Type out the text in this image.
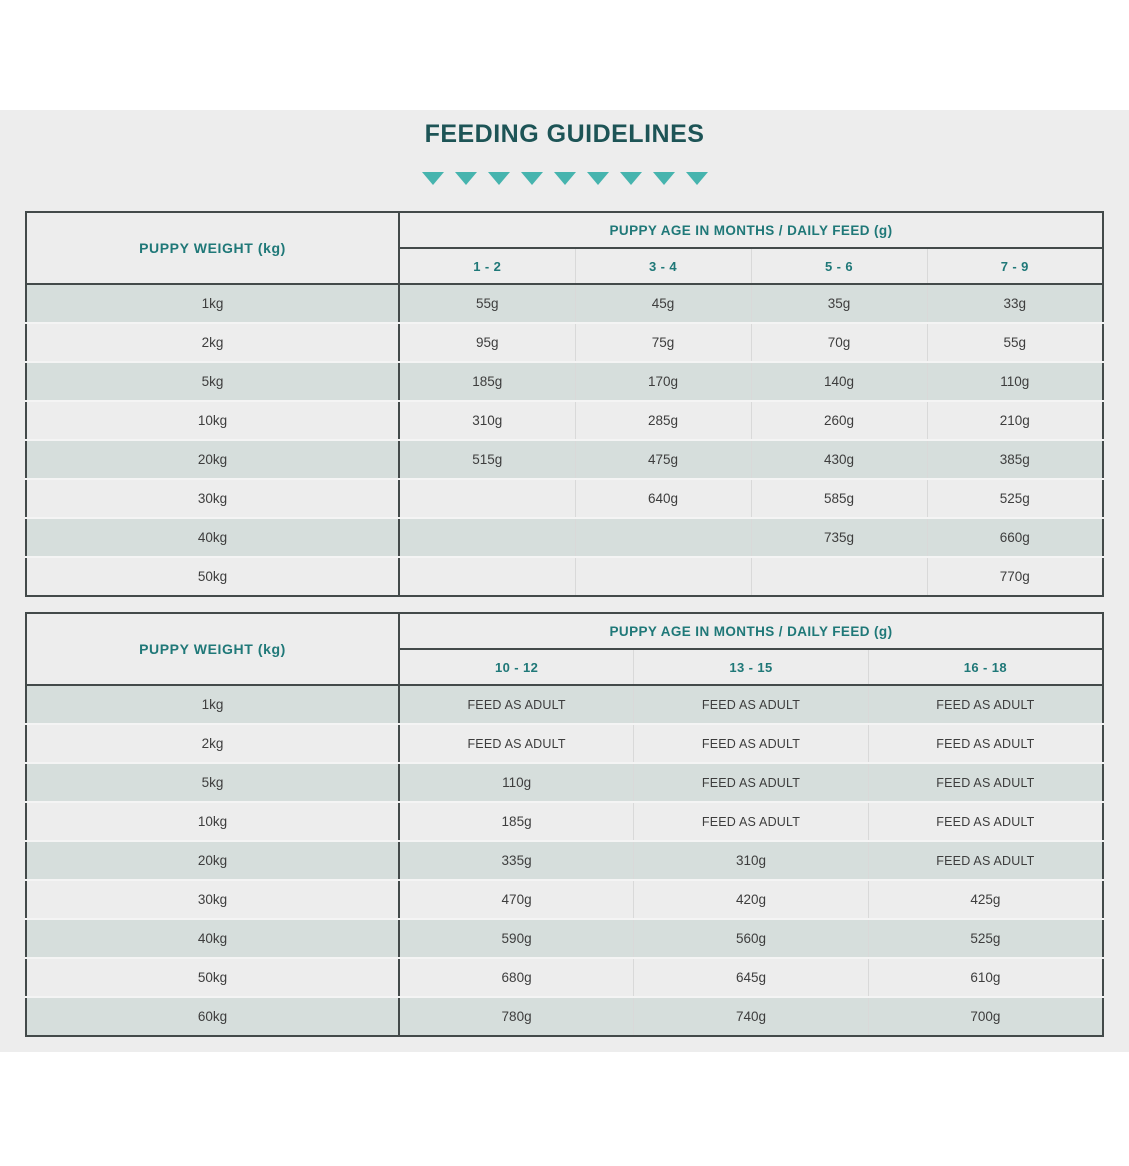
FEEDING GUIDELINES
PUPPY WEIGHT (kg)	PUPPY AGE IN MONTHS / DAILY FEED (g)			
	1 - 2	3 - 4	5 - 6	7 - 9
1kg	55g	45g	35g	33g
2kg	95g	75g	70g	55g
5kg	185g	170g	140g	110g
10kg	310g	285g	260g	210g
20kg	515g	475g	430g	385g
30kg		640g	585g	525g
40kg			735g	660g
50kg				770g
PUPPY WEIGHT (kg)	PUPPY AGE IN MONTHS / DAILY FEED (g)		
	10 - 12	13 - 15	16 - 18
1kg	FEED AS ADULT	FEED AS ADULT	FEED AS ADULT
2kg	FEED AS ADULT	FEED AS ADULT	FEED AS ADULT
5kg	110g	FEED AS ADULT	FEED AS ADULT
10kg	185g	FEED AS ADULT	FEED AS ADULT
20kg	335g	310g	FEED AS ADULT
30kg	470g	420g	425g
40kg	590g	560g	525g
50kg	680g	645g	610g
60kg	780g	740g	700g
